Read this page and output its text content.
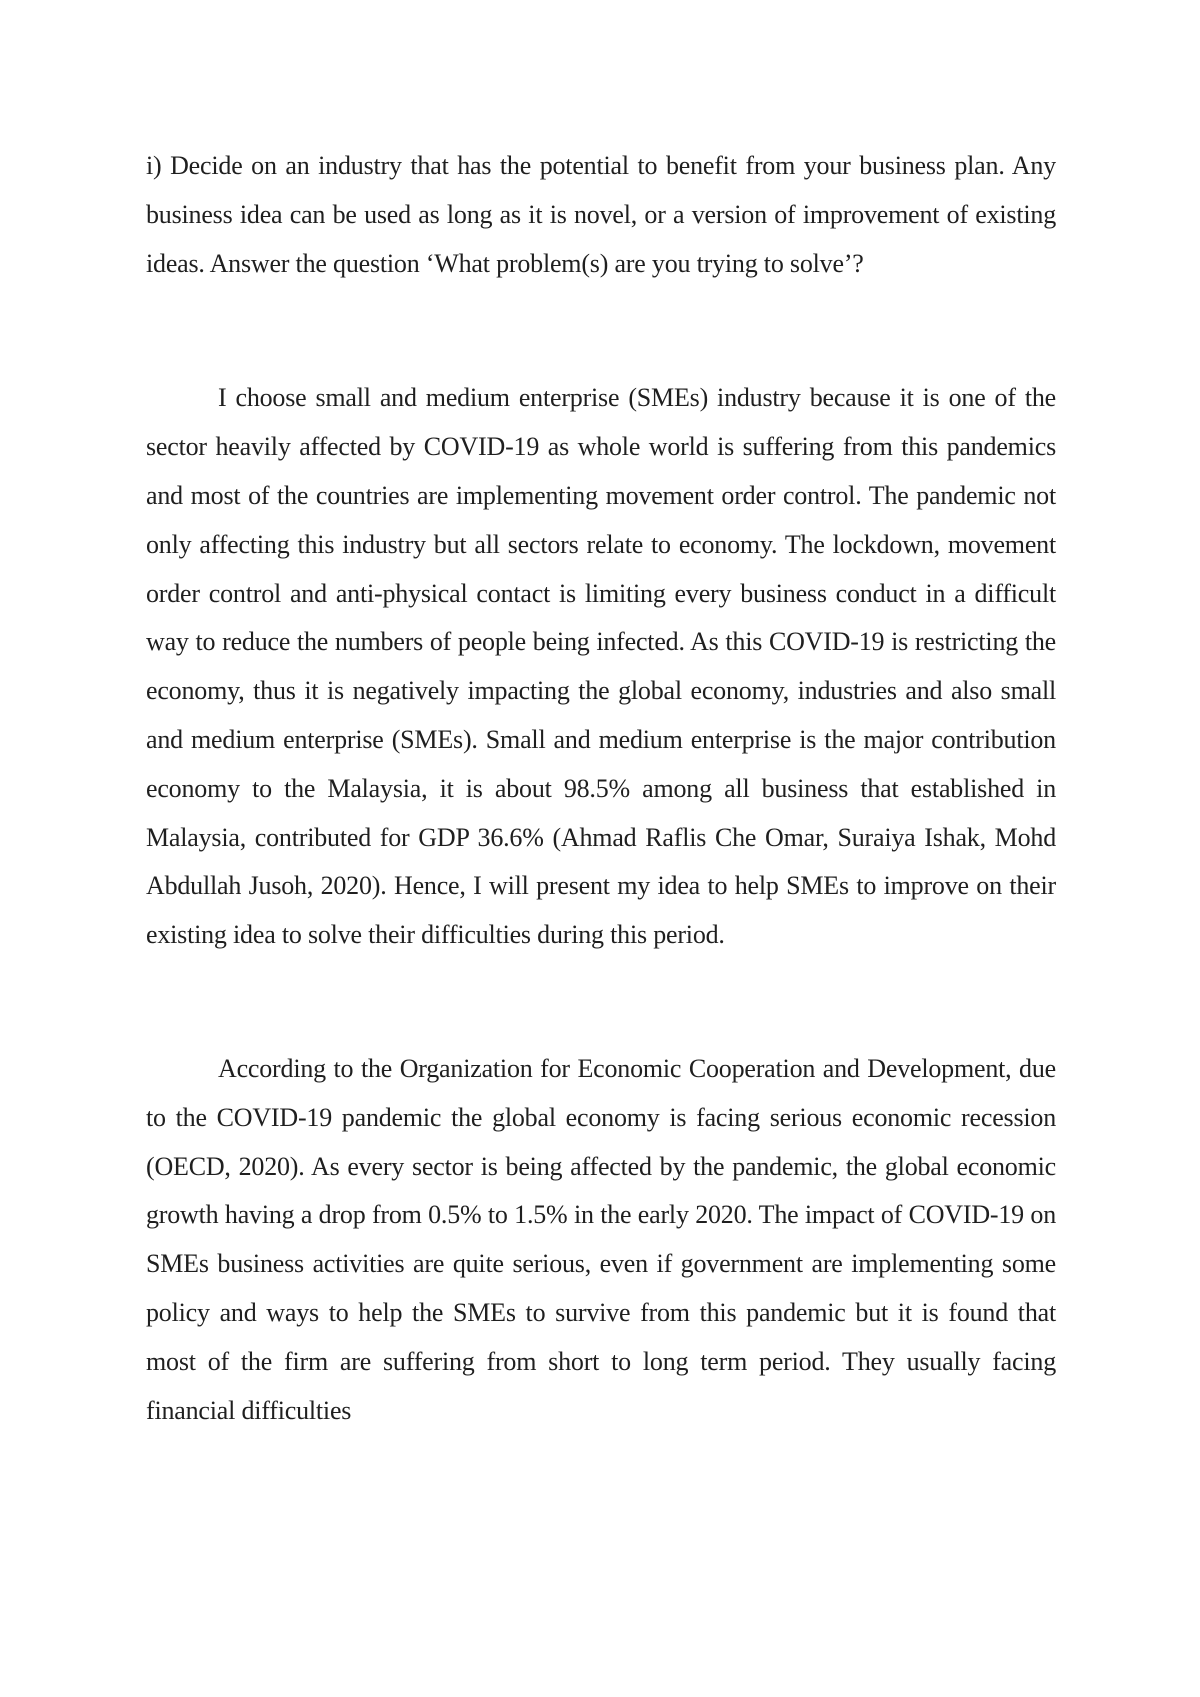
i) Decide on an industry that has the potential to benefit from your business plan. Any business idea can be used as long as it is novel, or a version of improvement of existing ideas. Answer the question ‘What problem(s) are you trying to solve’?

I choose small and medium enterprise (SMEs) industry because it is one of the sector heavily affected by COVID-19 as whole world is suffering from this pandemics and most of the countries are implementing movement order control. The pandemic not only affecting this industry but all sectors relate to economy. The lockdown, movement order control and anti-physical contact is limiting every business conduct in a difficult way to reduce the numbers of people being infected. As this COVID-19 is restricting the economy, thus it is negatively impacting the global economy, industries and also small and medium enterprise (SMEs). Small and medium enterprise is the major contribution economy to the Malaysia, it is about 98.5% among all business that established in Malaysia, contributed for GDP 36.6% (Ahmad Raflis Che Omar, Suraiya Ishak, Mohd Abdullah Jusoh, 2020). Hence, I will present my idea to help SMEs to improve on their existing idea to solve their difficulties during this period.

According to the Organization for Economic Cooperation and Development, due to the COVID-19 pandemic the global economy is facing serious economic recession (OECD, 2020). As every sector is being affected by the pandemic, the global economic growth having a drop from 0.5% to 1.5% in the early 2020. The impact of COVID-19 on SMEs business activities are quite serious, even if government are implementing some policy and ways to help the SMEs to survive from this pandemic but it is found that most of the firm are suffering from short to long term period. They usually facing financial difficulties
